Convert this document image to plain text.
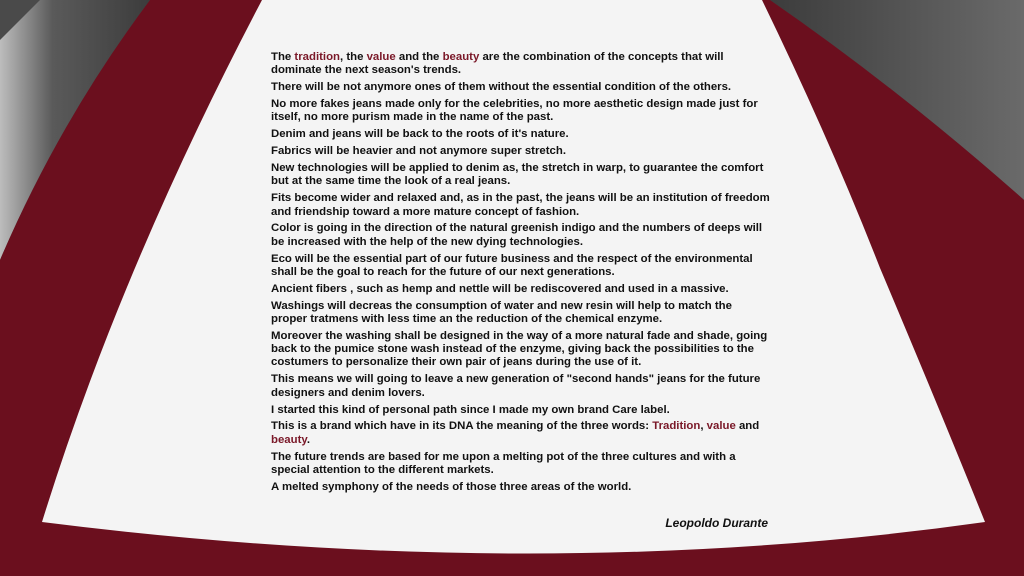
The tradition, the value and the beauty are the combination of the concepts that will dominate the next season's trends.

There will be not anymore ones of them without the essential condition of the others.

No more fakes jeans made only for the celebrities, no more aesthetic design made just for itself, no more purism made in the name of the past.

Denim and jeans will be back to the roots of it's nature.

Fabrics will be heavier and not anymore super stretch.

New technologies will be applied to denim as, the stretch in warp, to guarantee the comfort but at the same time the look of a real jeans.

Fits become wider and relaxed and, as in the past, the jeans will be an institution of freedom and friendship toward a more mature concept of fashion.

Color is going in the direction of the natural greenish indigo and the numbers of deeps will be increased with the help of the new dying technologies.

Eco will be the essential part of our future business and the respect of the environmental shall be the goal to reach for the future of our next generations.

Ancient fibers , such as hemp and nettle will be rediscovered and used in a massive.

Washings will decreas the consumption of water and new resin will help to match the proper tratmens with less time an the reduction of the chemical enzyme.

Moreover the washing shall be designed in the way of a more natural fade and shade, going back to the pumice stone wash instead of the enzyme, giving back the possibilities to the costumers to personalize their own pair of jeans during the use of it.

This means we will going to leave a new generation of "second hands" jeans for the future designers and denim lovers.

I started this kind of personal path since I made my own brand Care label.

This is a brand which have in its DNA the meaning of the three words: Tradition, value and beauty.

The future trends are based for me upon a melting pot of the three cultures and with a special attention to the different markets.

A melted symphony of the needs of those three areas of the world.

Leopoldo Durante
